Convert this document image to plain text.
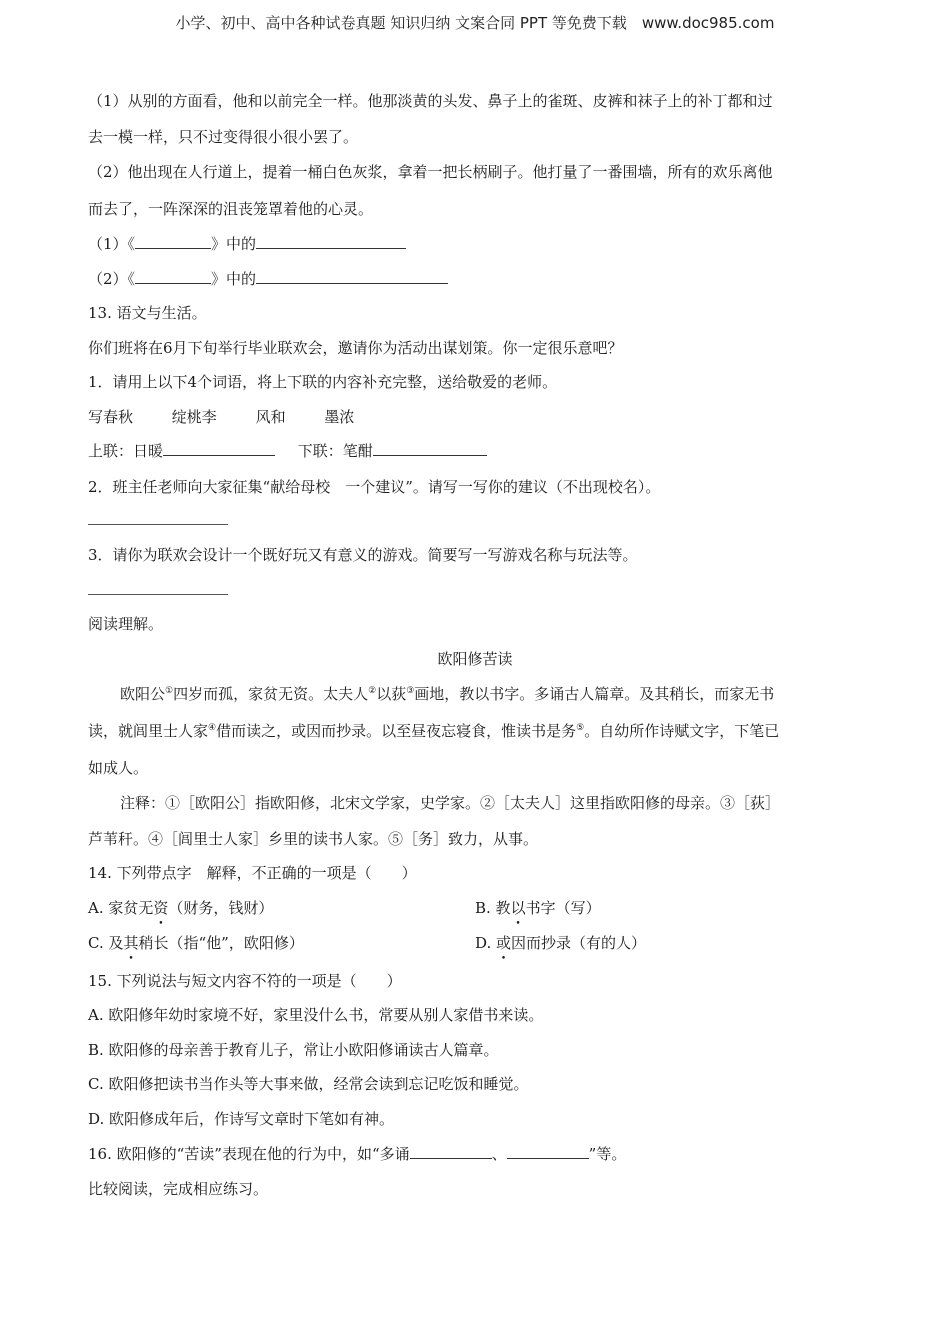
小学、初中、高中各种试卷真题 知识归纳 文案合同 PPT 等免费下载　www.doc985.com
（1）从别的方面看，他和以前完全一样。他那淡黄的头发、鼻子上的雀斑、皮裤和袜子上的补丁都和过
去一模一样，只不过变得很小很小罢了。
（2）他出现在人行道上，提着一桶白色灰浆，拿着一把长柄刷子。他打量了一番围墙，所有的欢乐离他
而去了，一阵深深的沮丧笼罩着他的心灵。
（1）《	》中的
（2）《	》中的
13. 语文与生活。
你们班将在6月下旬举行毕业联欢会，邀请你为活动出谋划策。你一定很乐意吧？
1．请用上以下4个词语，将上下联的内容补充完整，送给敬爱的老师。
写春秋	绽桃李	风和	墨浓
上联：日暖	下联：笔酣
2．班主任老师向大家征集“献给母校　一个建议”。请写一写你的建议（不出现校名）。
3．请你为联欢会设计一个既好玩又有意义的游戏。简要写一写游戏名称与玩法等。
阅读理解。
欧阳修苦读
欧阳公①四岁而孤，家贫无资。太夫人②以荻③画地，教以书字。多诵古人篇章。及其稍长，而家无书
读，就闾里士人家④借而读之，或因而抄录。以至昼夜忘寝食，惟读书是务⑤。自幼所作诗赋文字，下笔已
如成人。
注释：①［欧阳公］指欧阳修，北宋文学家，史学家。②［太夫人］这里指欧阳修的母亲。③［荻］
芦苇秆。④［闾里士人家］乡里的读书人家。⑤［务］致力，从事。
14. 下列带点字　解释，不正确的一项是（　　）
A. 家贫无资（财务，钱财）	B. 教以书字（写）
C. 及其稍长（指“他”，欧阳修）	D. 或因而抄录（有的人）
15. 下列说法与短文内容不符的一项是（　　）
A. 欧阳修年幼时家境不好，家里没什么书，常要从别人家借书来读。
B. 欧阳修的母亲善于教育儿子，常让小欧阳修诵读古人篇章。
C. 欧阳修把读书当作头等大事来做，经常会读到忘记吃饭和睡觉。
D. 欧阳修成年后，作诗写文章时下笔如有神。
16. 欧阳修的“苦读”表现在他的行为中，如“多诵	、	”等。
比较阅读，完成相应练习。
